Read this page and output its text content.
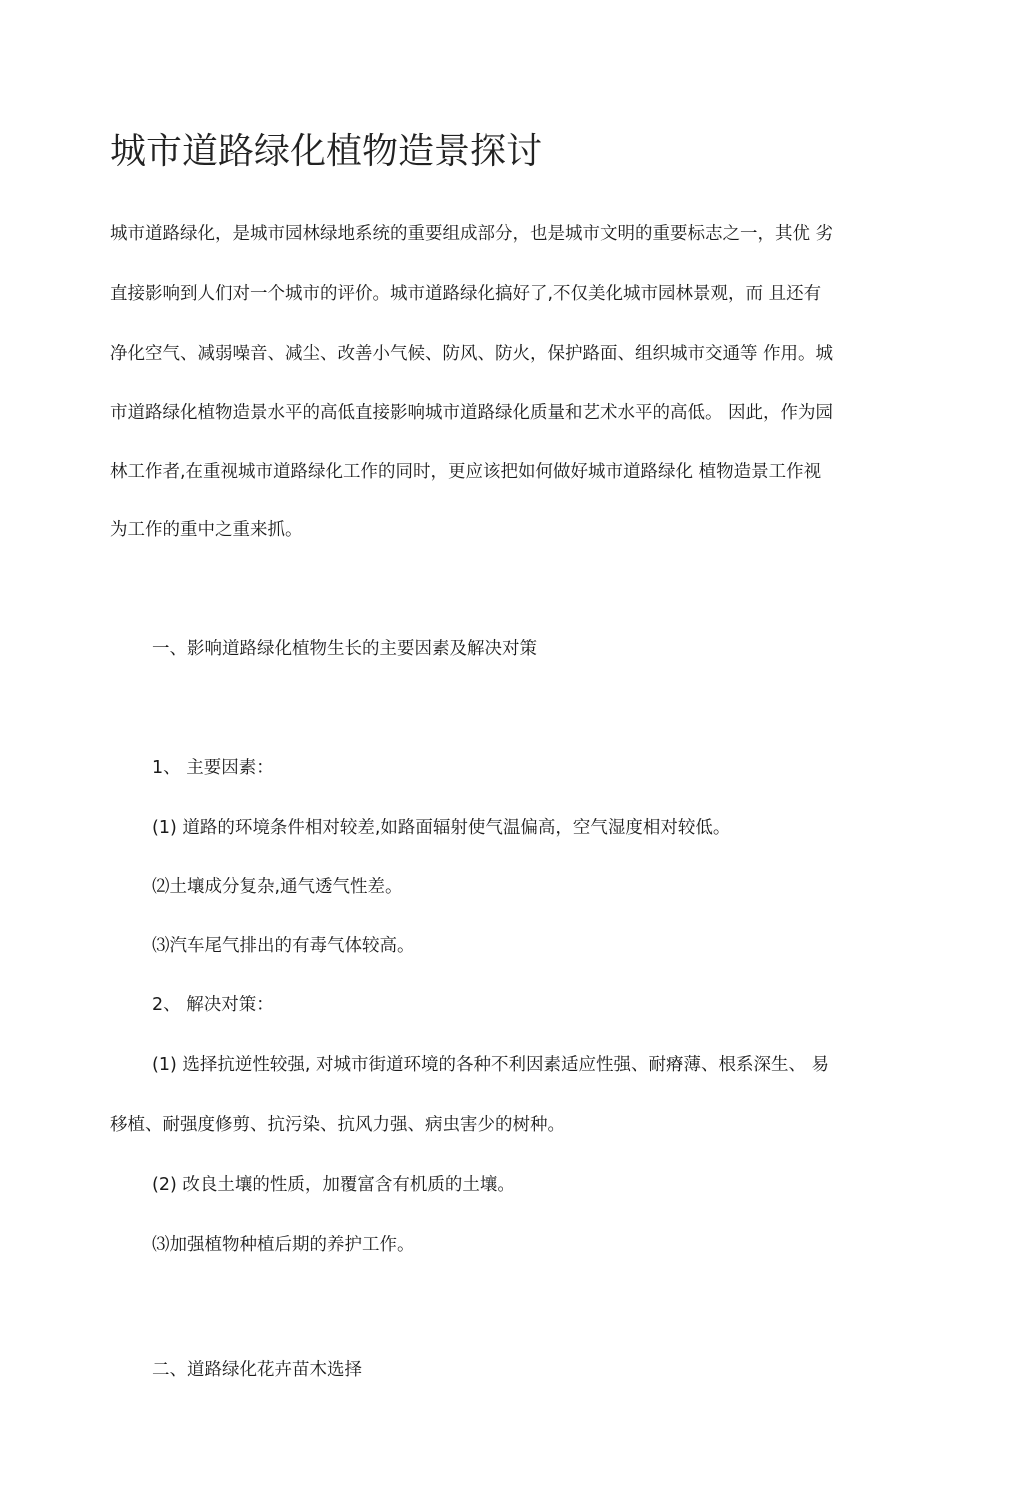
城市道路绿化植物造景探讨
城市道路绿化，是城市园林绿地系统的重要组成部分，也是城市文明的重要标志之一，其优 劣
直接影响到人们对一个城市的评价。城市道路绿化搞好了,不仅美化城市园林景观，而 且还有
净化空气、减弱噪音、减尘、改善小气候、防风、防火，保护路面、组织城市交通等 作用。城
市道路绿化植物造景水平的高低直接影响城市道路绿化质量和艺术水平的高低。 因此，作为园
林工作者,在重视城市道路绿化工作的同时，更应该把如何做好城市道路绿化 植物造景工作视
为工作的重中之重来抓。
一、影响道路绿化植物生长的主要因素及解决对策
1、 主要因素：
(1) 道路的环境条件相对较差,如路面辐射使气温偏高，空气湿度相对较低。
⑵土壤成分复杂,通气透气性差。
⑶汽车尾气排出的有毒气体较高。
2、 解决对策：
(1) 选择抗逆性较强, 对城市街道环境的各种不利因素适应性强、耐瘠薄、根系深生、 易
移植、耐强度修剪、抗污染、抗风力强、病虫害少的树种。
(2) 改良土壤的性质，加覆富含有机质的土壤。
⑶加强植物种植后期的养护工作。
二、道路绿化花卉苗木选择
